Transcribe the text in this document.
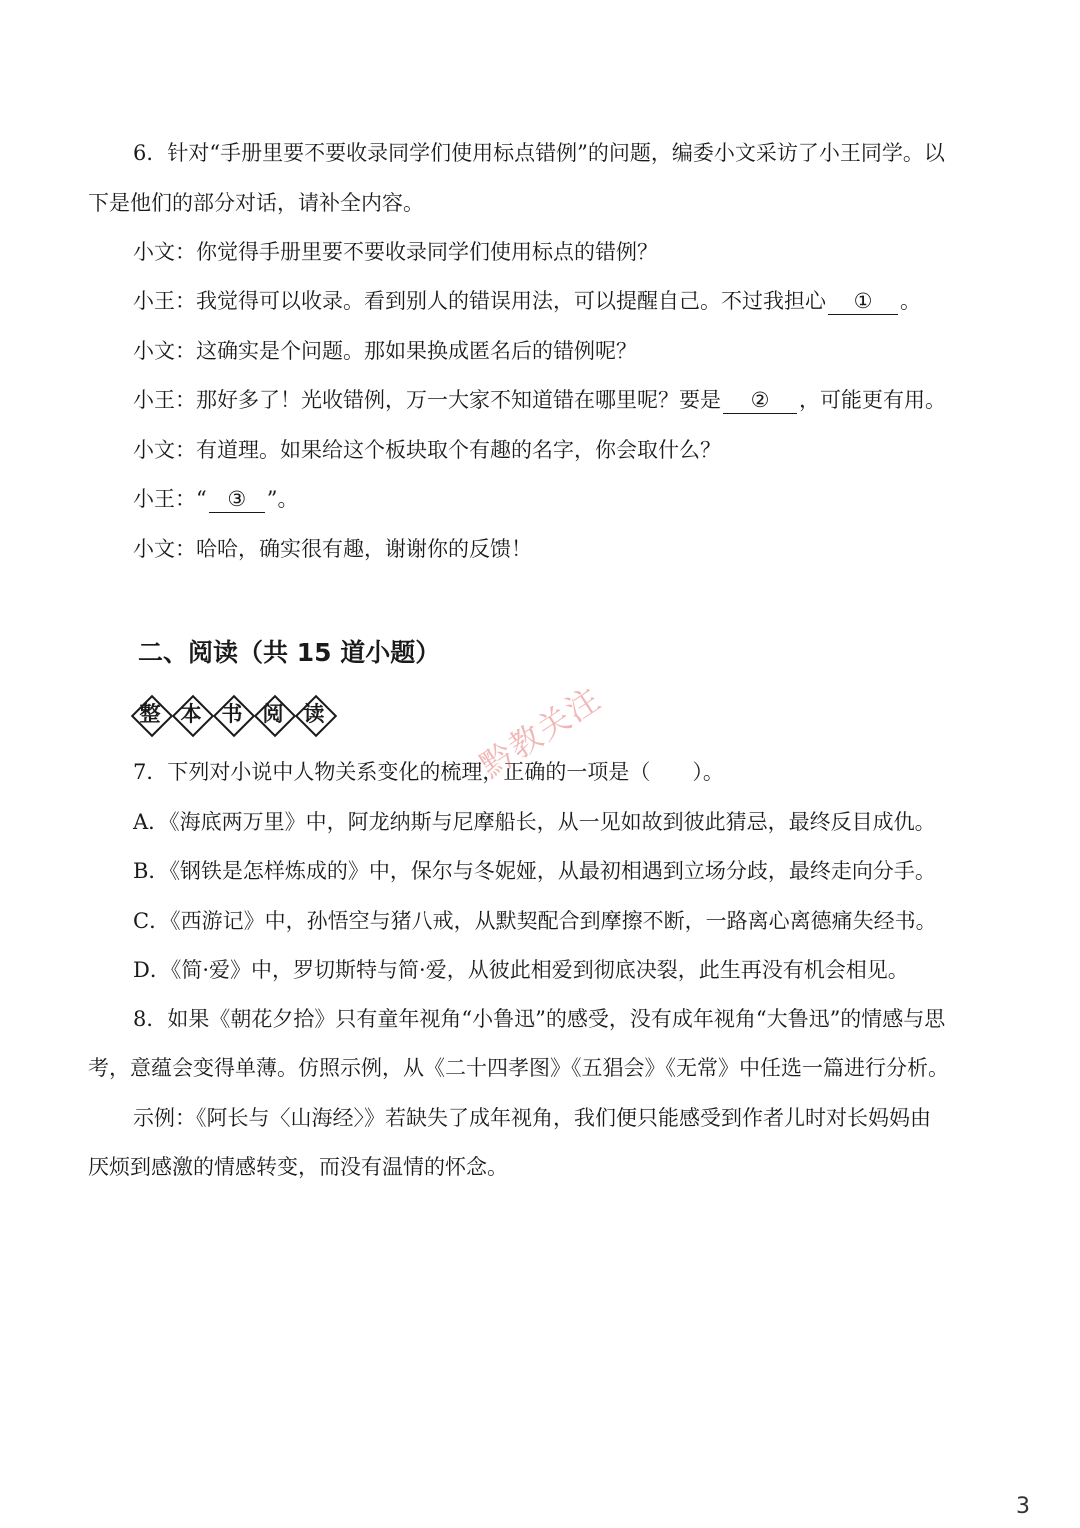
6．针对“手册里要不要收录同学们使用标点错例”的问题，编委小文采访了小王同学。以
下是他们的部分对话，请补全内容。
小文：你觉得手册里要不要收录同学们使用标点的错例？
小王：我觉得可以收录。看到别人的错误用法，可以提醒自己。不过我担心 ① 。
小文：这确实是个问题。那如果换成匿名后的错例呢？
小王：那好多了！光收错例，万一大家不知道错在哪里呢？要是 ② ，可能更有用。
小文：有道理。如果给这个板块取个有趣的名字，你会取什么？
小王：“ ③ ”。
小文：哈哈，确实很有趣，谢谢你的反馈！
二、阅读（共 15 道小题）
整 本 书 阅 读
7．下列对小说中人物关系变化的梳理，正确的一项是（　　）。
A．《海底两万里》中，阿龙纳斯与尼摩船长，从一见如故到彼此猜忌，最终反目成仇。
B．《钢铁是怎样炼成的》中，保尔与冬妮娅，从最初相遇到立场分歧，最终走向分手。
C．《西游记》中，孙悟空与猪八戒，从默契配合到摩擦不断，一路离心离德痛失经书。
D．《简·爱》中，罗切斯特与简·爱，从彼此相爱到彻底决裂，此生再没有机会相见。
8．如果《朝花夕拾》只有童年视角“小鲁迅”的感受，没有成年视角“大鲁迅”的情感与思
考，意蕴会变得单薄。仿照示例，从《二十四孝图》《五猖会》《无常》中任选一篇进行分析。
示例：《阿长与〈山海经〉》若缺失了成年视角，我们便只能感受到作者儿时对长妈妈由
厌烦到感激的情感转变，而没有温情的怀念。
黔教关注
3
